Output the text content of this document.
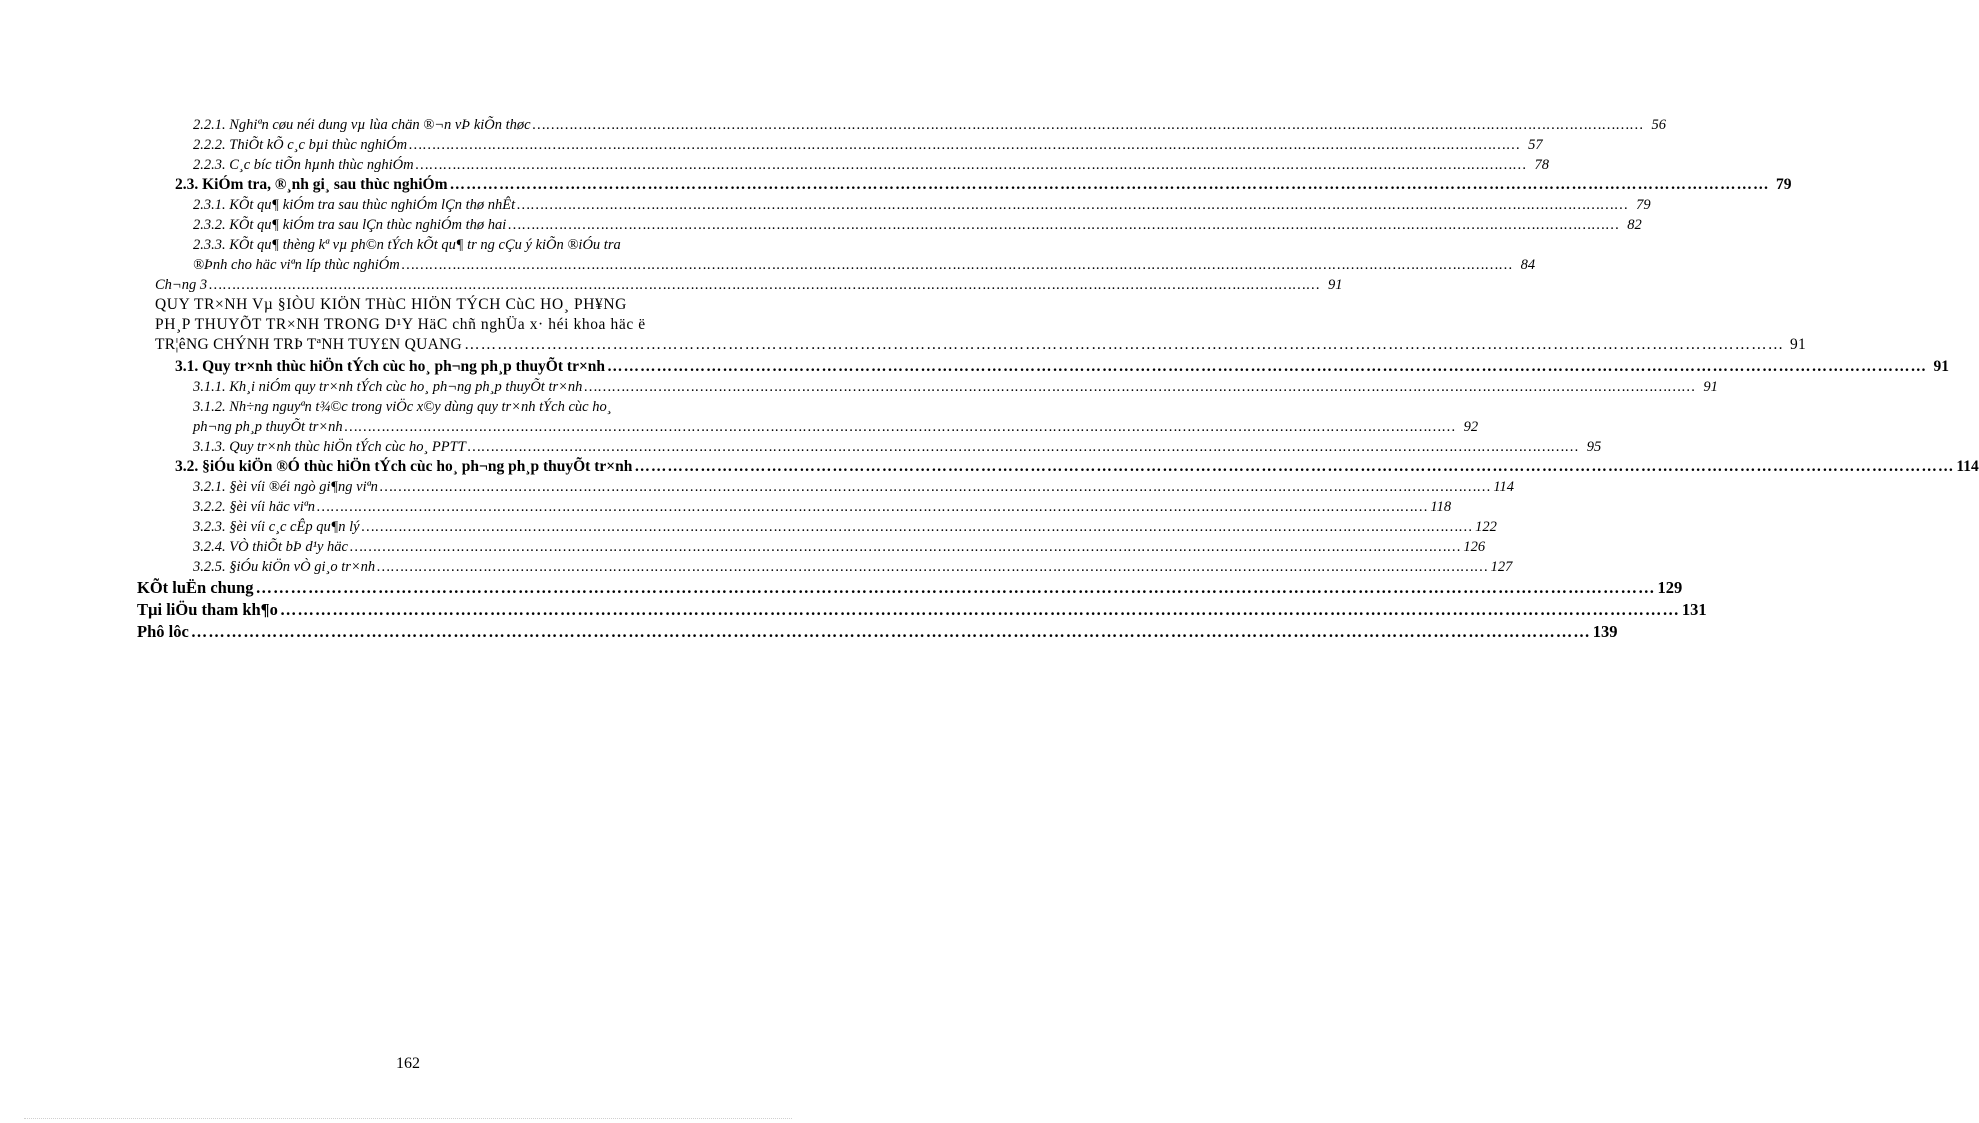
2.2.1. Nghiªn cøu néi dung vµ lùa chän ®¬n vÞ kiÕn thøc …………………………………………………………………………………………………………………………………………………………………………………………………………………… 56
2.2.2. ThiÕt kÕ c¸c bµi thùc nghiÓm …………………………………………………………………………………………………………………………………………………………………………………………………………………… 57
2.2.3. C¸c bíc tiÕn hµnh thùc nghiÓm …………………………………………………………………………………………………………………………………………………………………………………………………………………… 78
2.3. KiÓm tra, ®¸nh gi¸ sau thùc nghiÓm …………………………………………………………………………………………………………………………………………………………………………………………………………………… 79
2.3.1. KÕt qu¶ kiÓm tra sau thùc nghiÓm lÇn thø nhÊt …………………………………………………………………………………………………………………………………………………………………………………………………………………… 79
2.3.2. KÕt qu¶ kiÓm tra sau lÇn thùc nghiÓm thø hai …………………………………………………………………………………………………………………………………………………………………………………………………………………… 82
2.3.3. KÕt qu¶ thèng kª vµ ph©n tÝch kÕt qu¶ tr ng cÇu ý kiÕn ®iÓu tra
®Þnh cho häc viªn líp thùc nghiÓm …………………………………………………………………………………………………………………………………………………………………………………………………………………… 84
Ch¬ng 3 …………………………………………………………………………………………………………………………………………………………………………………………………………………… 91
QUY TR×NH Vµ §IÒU KIÖN THùC HIÖN TÝCH CùC HO¸ PH¥NG
PH¸P THUYÕT TR×NH TRONG D¹Y HäC chñ nghÜa x· héi khoa häc ë
TR¦êNG CHÝNH TRÞ TªNH TUY£N QUANG …………………………………………………………………………………………………………………………………………………………………………………………………………………… 91
3.1. Quy tr×nh thùc hiÖn tÝch cùc ho¸ ph¬ng ph¸p thuyÕt tr×nh …………………………………………………………………………………………………………………………………………………………………………………………………………………… 91
3.1.1. Kh¸i niÓm quy tr×nh tÝch cùc ho¸ ph¬ng ph¸p thuyÕt tr×nh …………………………………………………………………………………………………………………………………………………………………………………………………………………… 91
3.1.2. Nh÷ng nguyªn t¾©c trong viÖc x©y dùng quy tr×nh tÝch cùc ho¸
ph¬ng ph¸p thuyÕt tr×nh …………………………………………………………………………………………………………………………………………………………………………………………………………………… 92
3.1.3. Quy tr×nh thùc hiÖn tÝch cùc ho¸ PPTT …………………………………………………………………………………………………………………………………………………………………………………………………………………… 95
3.2. §iÓu kiÖn ®Ó thùc hiÖn tÝch cùc ho¸ ph¬ng ph¸p thuyÕt tr×nh …………………………………………………………………………………………………………………………………………………………………………………………………………………… 114
3.2.1. §èi víi ®éi ngò gi¶ng viªn …………………………………………………………………………………………………………………………………………………………………………………………………………………… 114
3.2.2. §èi víi häc viªn …………………………………………………………………………………………………………………………………………………………………………………………………………………… 118
3.2.3. §èi víi c¸c cÊp qu¶n lý …………………………………………………………………………………………………………………………………………………………………………………………………………………… 122
3.2.4. VÒ thiÕt bÞ d¹y häc …………………………………………………………………………………………………………………………………………………………………………………………………………………… 126
3.2.5. §iÓu kiÖn vÒ gi¸o tr×nh …………………………………………………………………………………………………………………………………………………………………………………………………………………… 127
KÕt luËn chung …………………………………………………………………………………………………………………………………………………………………………………………………………………… 129
Tµi liÖu tham kh¶o …………………………………………………………………………………………………………………………………………………………………………………………………………………… 131
Phô lôc …………………………………………………………………………………………………………………………………………………………………………………………………………………… 139
162
